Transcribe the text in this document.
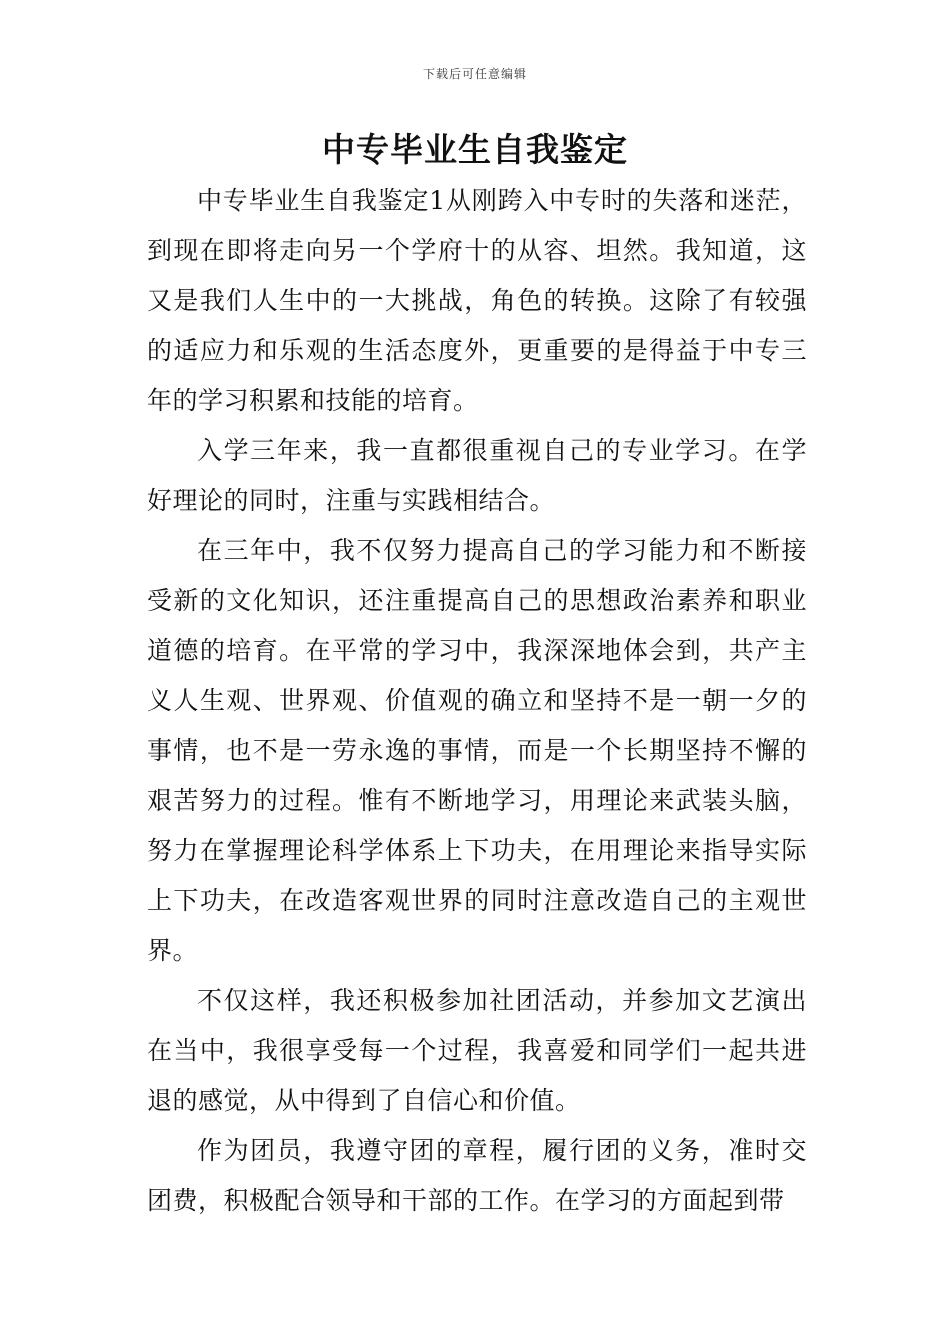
下载后可任意编辑
中专毕业生自我鉴定

中专毕业生自我鉴定1从刚跨入中专时的失落和迷茫，到现在即将走向另一个学府十的从容、坦然。我知道，这又是我们人生中的一大挑战，角色的转换。这除了有较强的适应力和乐观的生活态度外，更重要的是得益于中专三年的学习积累和技能的培育。

入学三年来，我一直都很重视自己的专业学习。在学好理论的同时，注重与实践相结合。

在三年中，我不仅努力提高自己的学习能力和不断接受新的文化知识，还注重提高自己的思想政治素养和职业道德的培育。在平常的学习中，我深深地体会到，共产主义人生观、世界观、价值观的确立和坚持不是一朝一夕的事情，也不是一劳永逸的事情，而是一个长期坚持不懈的艰苦努力的过程。惟有不断地学习，用理论来武装头脑，努力在掌握理论科学体系上下功夫，在用理论来指导实际上下功夫，在改造客观世界的同时注意改造自己的主观世界。

不仅这样，我还积极参加社团活动，并参加文艺演出在当中，我很享受每一个过程，我喜爱和同学们一起共进退的感觉，从中得到了自信心和价值。

作为团员，我遵守团的章程，履行团的义务，准时交团费，积极配合领导和干部的工作。在学习的方面起到带
